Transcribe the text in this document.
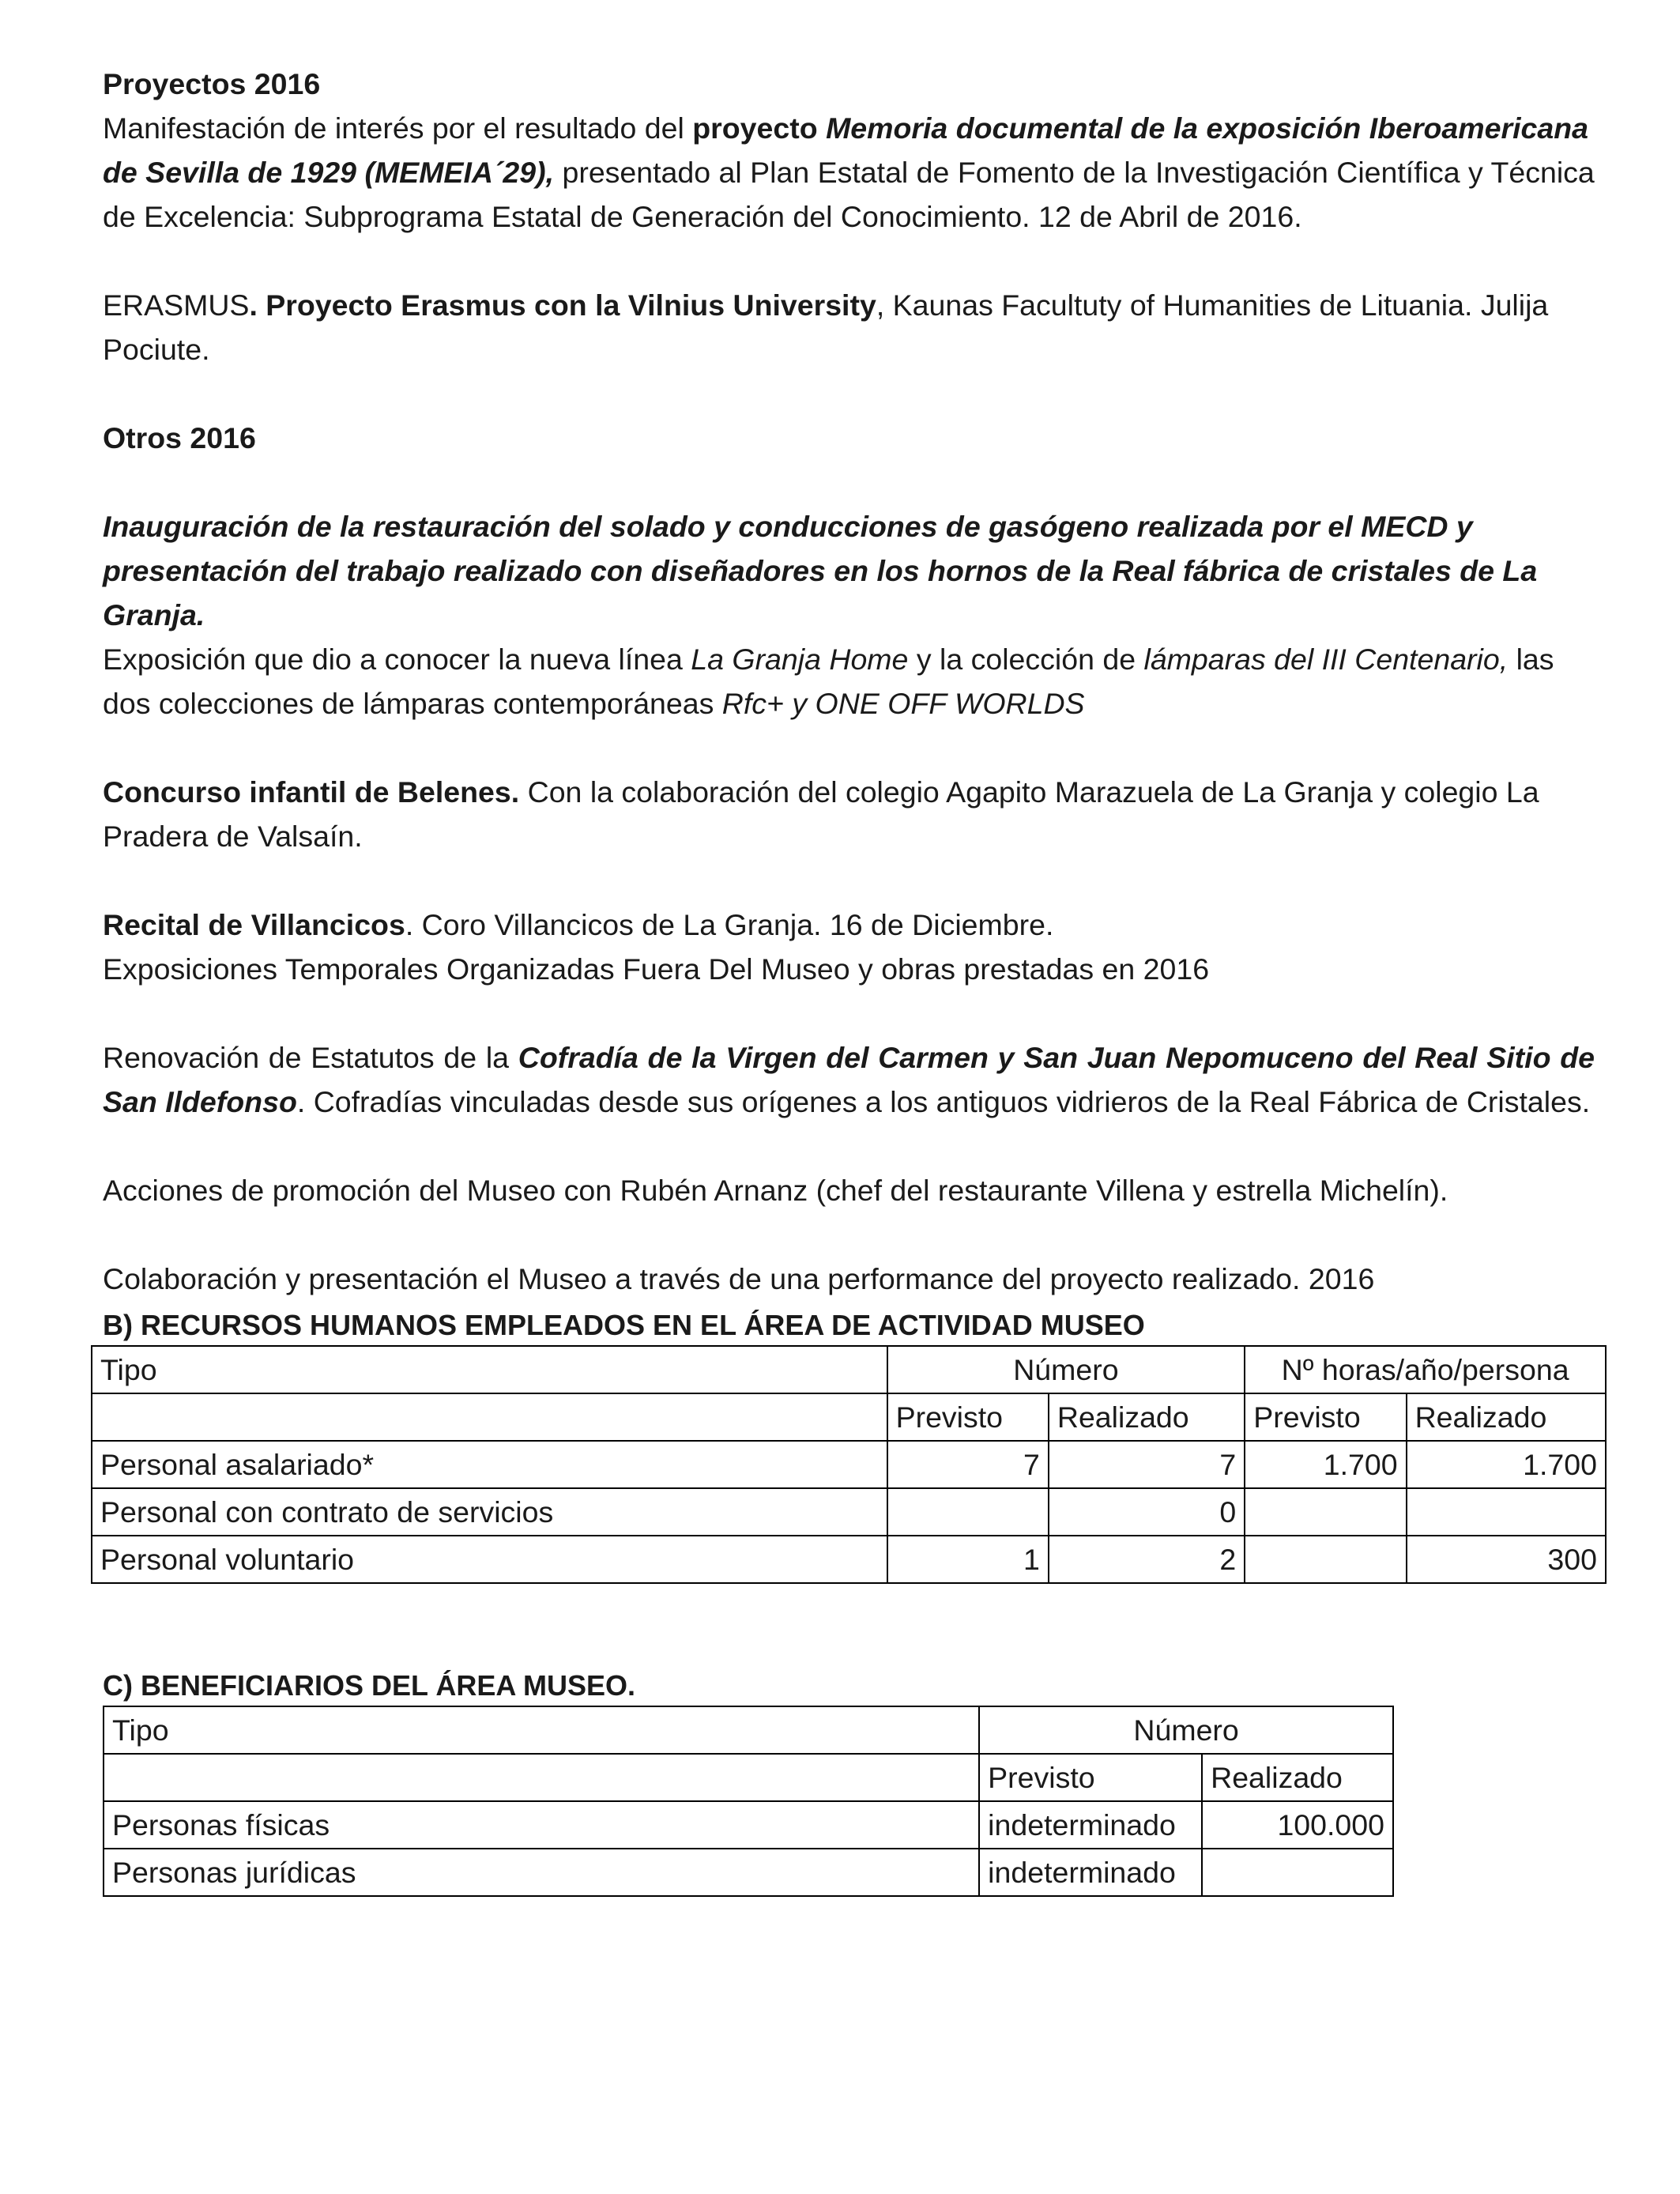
Proyectos 2016

Manifestación de interés por el resultado del proyecto Memoria documental de la exposición Iberoamericana de Sevilla de 1929 (MEMEIA´29), presentado al Plan Estatal de Fomento de la Investigación Científica y Técnica de Excelencia: Subprograma Estatal de Generación del Conocimiento. 12 de Abril de 2016.

ERASMUS. Proyecto Erasmus con la Vilnius University, Kaunas Facultuty of Humanities de Lituania. Julija Pociute.

Otros 2016

Inauguración de la restauración del solado y conducciones de gasógeno realizada por el MECD y presentación del trabajo realizado con diseñadores en los hornos de la Real fábrica de cristales de La Granja.

Exposición que dio a conocer la nueva línea La Granja Home y la colección de lámparas del III Centenario, las dos colecciones de lámparas contemporáneas Rfc+ y ONE OFF WORLDS

Concurso infantil de Belenes. Con la colaboración del colegio Agapito Marazuela de La Granja y colegio La Pradera de Valsaín.

Recital de Villancicos. Coro Villancicos de La Granja. 16 de Diciembre.

Exposiciones Temporales Organizadas Fuera Del Museo y obras prestadas en 2016

Renovación de Estatutos de la Cofradía de la Virgen del Carmen y San Juan Nepomuceno del Real Sitio de San Ildefonso. Cofradías vinculadas desde sus orígenes a los antiguos vidrieros de la Real Fábrica de Cristales.

Acciones de promoción del Museo con Rubén Arnanz (chef del restaurante Villena y estrella Michelín).

Colaboración y presentación el Museo a través de una performance del proyecto realizado. 2016

B) RECURSOS HUMANOS EMPLEADOS EN EL ÁREA DE ACTIVIDAD MUSEO

Tipo	Número		Nº horas/año/persona	
	Previsto	Realizado	Previsto	Realizado
Personal asalariado*	7	7	1.700	1.700
Personal con contrato de servicios		0		
Personal voluntario	1	2		300

C) BENEFICIARIOS DEL ÁREA MUSEO.

Tipo	Número	
	Previsto	Realizado
Personas físicas	indeterminado	100.000
Personas jurídicas	indeterminado	
